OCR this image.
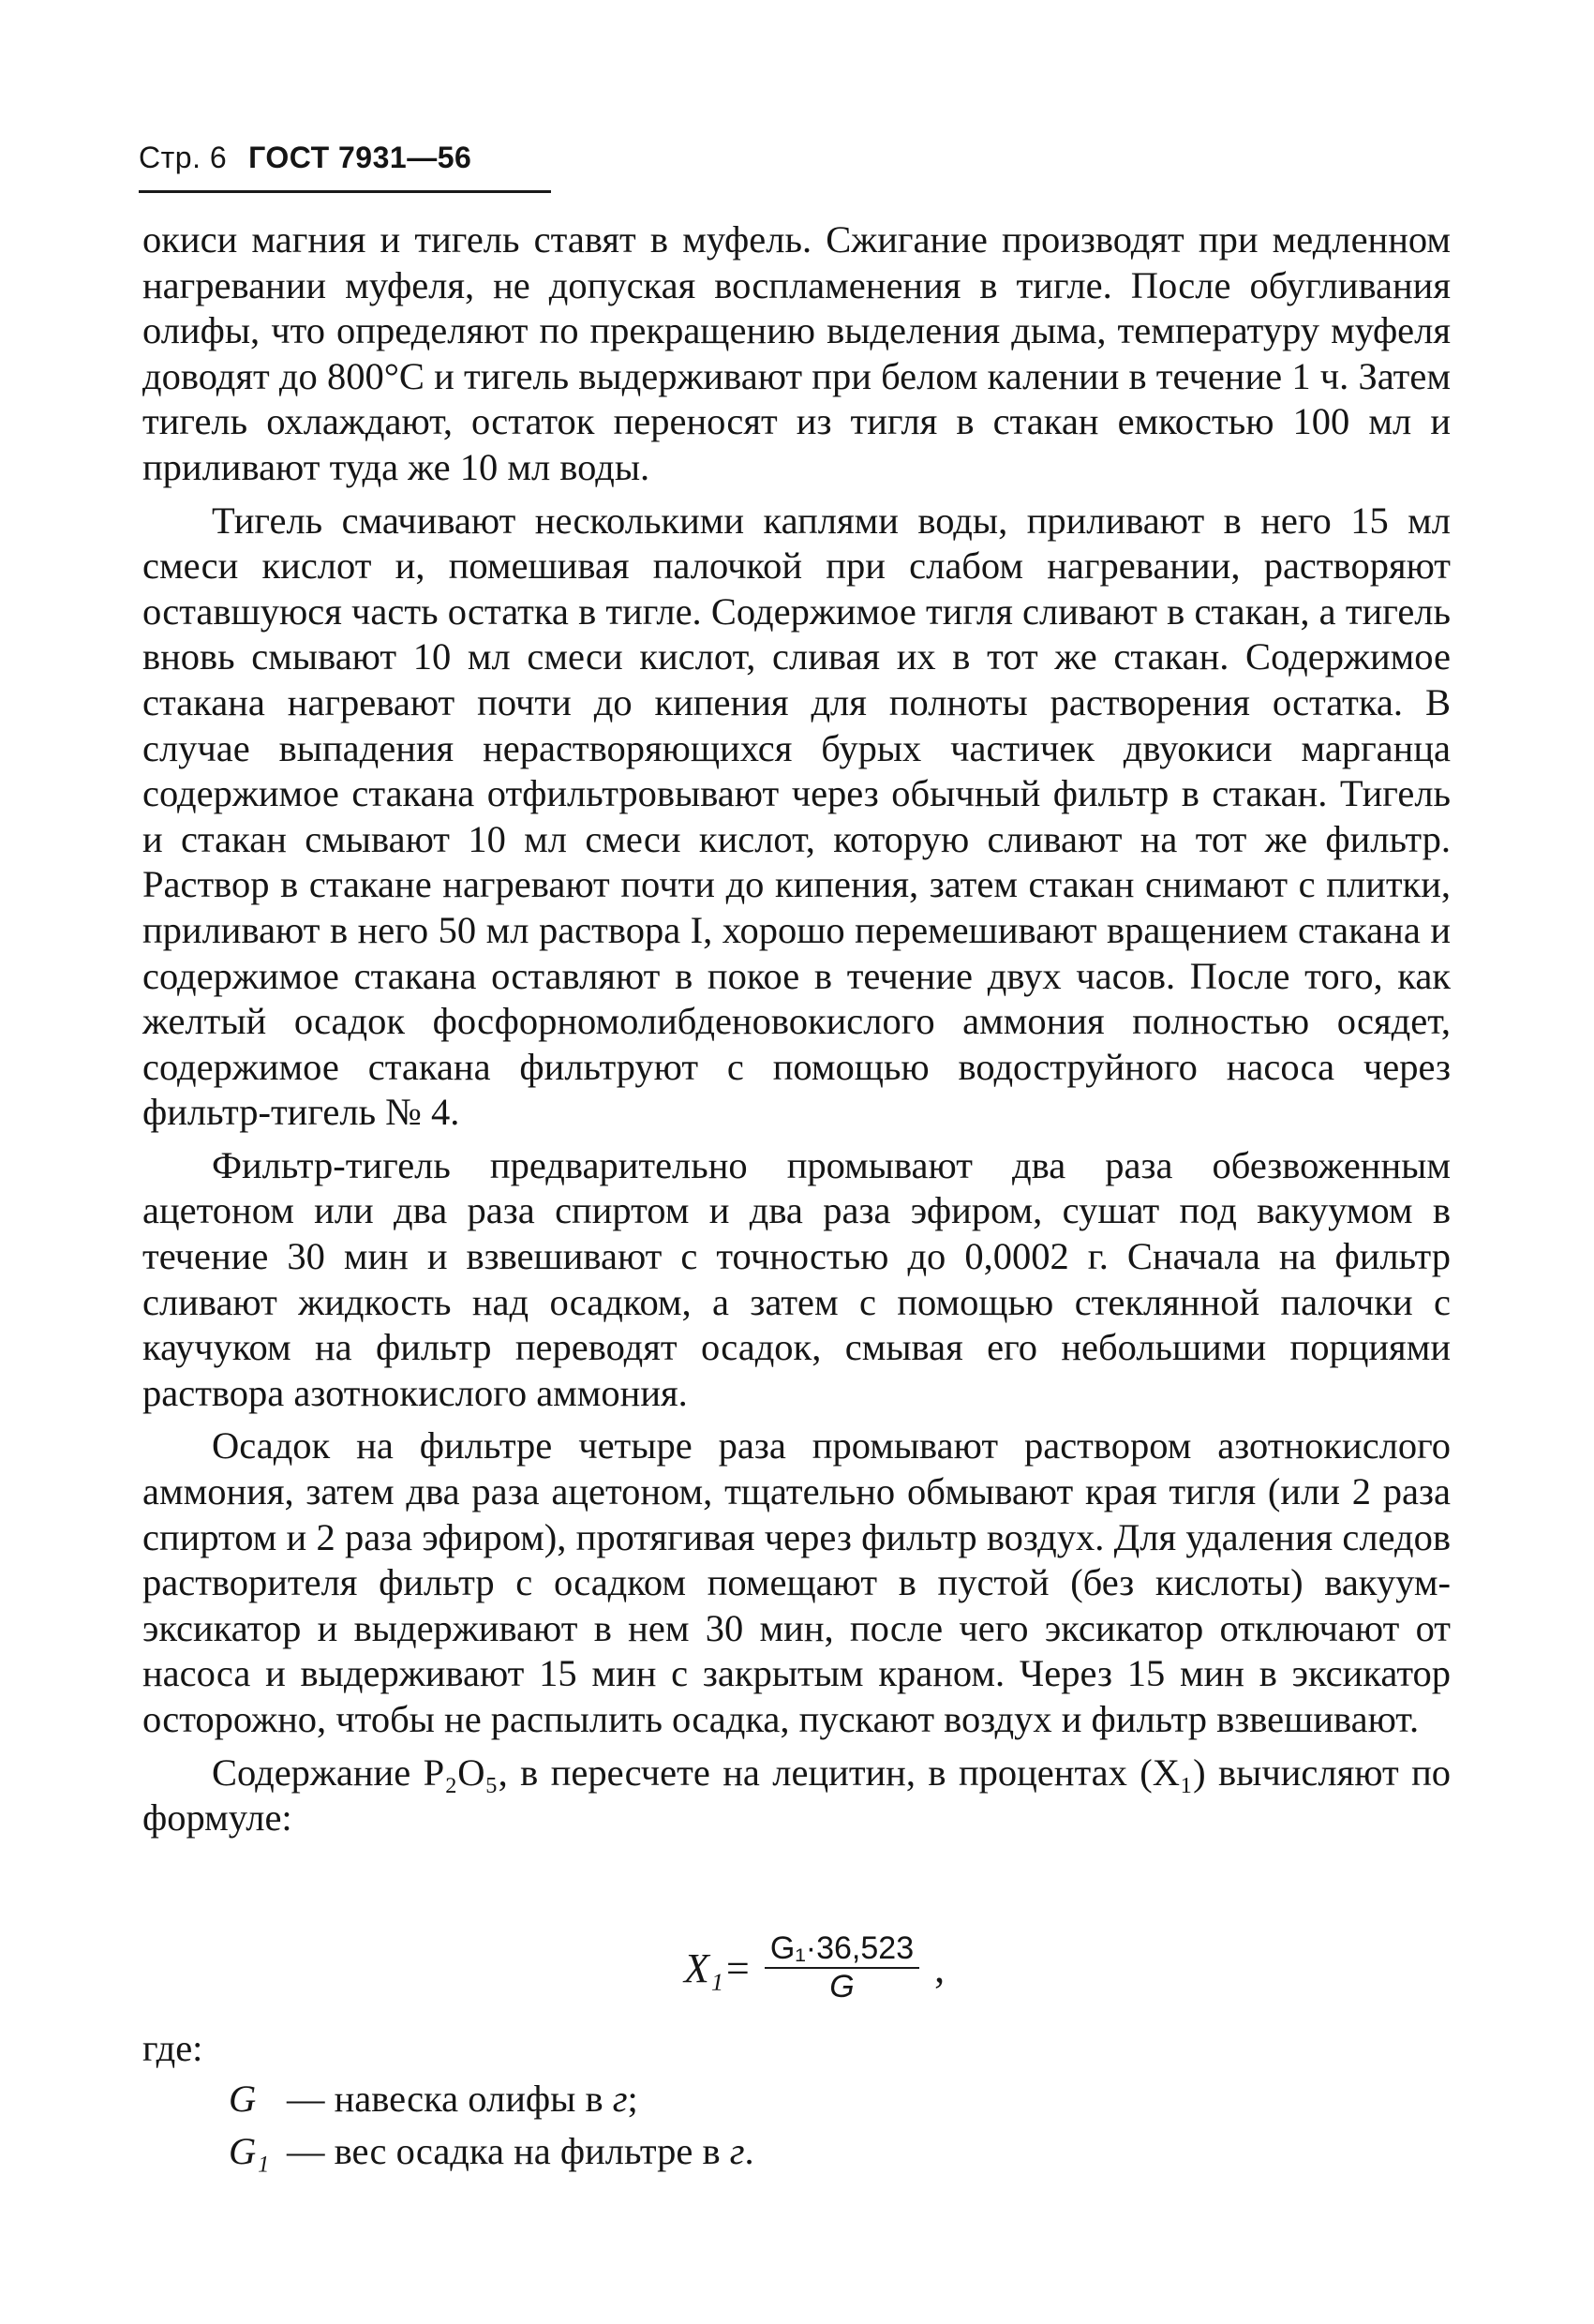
Стр. 6 ГОСТ 7931—56

окиси магния и тигель ставят в муфель. Сжигание производят при медленном нагревании муфеля, не допуская воспламенения в тигле. После обугливания олифы, что определяют по прекращению выделения дыма, температуру муфеля доводят до 800°С и тигель выдерживают при белом калении в течение 1 ч. Затем тигель охлаждают, остаток переносят из тигля в стакан емкостью 100 мл и приливают туда же 10 мл воды.

Тигель смачивают несколькими каплями воды, приливают в него 15 мл смеси кислот и, помешивая палочкой при слабом нагревании, растворяют оставшуюся часть остатка в тигле. Содержимое тигля сливают в стакан, а тигель вновь смывают 10 мл смеси кислот, сливая их в тот же стакан. Содержимое стакана нагревают почти до кипения для полноты растворения остатка. В случае выпадения нерастворяющихся бурых частичек двуокиси марганца содержимое стакана отфильтровывают через обычный фильтр в стакан. Тигель и стакан смывают 10 мл смеси кислот, которую сливают на тот же фильтр. Раствор в стакане нагревают почти до кипения, затем стакан снимают с плитки, приливают в него 50 мл раствора I, хорошо перемешивают вращением стакана и содержимое стакана оставляют в покое в течение двух часов. После того, как желтый осадок фосфорномолибденовокислого аммония полностью осядет, содержимое стакана фильтруют с помощью водоструйного насоса через фильтр-тигель № 4.

Фильтр-тигель предварительно промывают два раза обезвоженным ацетоном или два раза спиртом и два раза эфиром, сушат под вакуумом в течение 30 мин и взвешивают с точностью до 0,0002 г. Сначала на фильтр сливают жидкость над осадком, а затем с помощью стеклянной палочки с каучуком на фильтр переводят осадок, смывая его небольшими порциями раствора азотнокислого аммония.

Осадок на фильтре четыре раза промывают раствором азотнокислого аммония, затем два раза ацетоном, тщательно обмывают края тигля (или 2 раза спиртом и 2 раза эфиром), протягивая через фильтр воздух. Для удаления следов растворителя фильтр с осадком помещают в пустой (без кислоты) вакуум-эксикатор и выдерживают в нем 30 мин, после чего эксикатор отключают от насоса и выдерживают 15 мин с закрытым краном. Через 15 мин в эксикатор осторожно, чтобы не распылить осадка, пускают воздух и фильтр взвешивают.

Содержание P₂O₅, в пересчете на лецитин, в процентах (X₁) вычисляют по формуле:

$X_1= \frac{\text{G₁·36,523}}{G}$ ,
где:
G — навеска олифы в г;
G₁ — вес осадка на фильтре в г.
